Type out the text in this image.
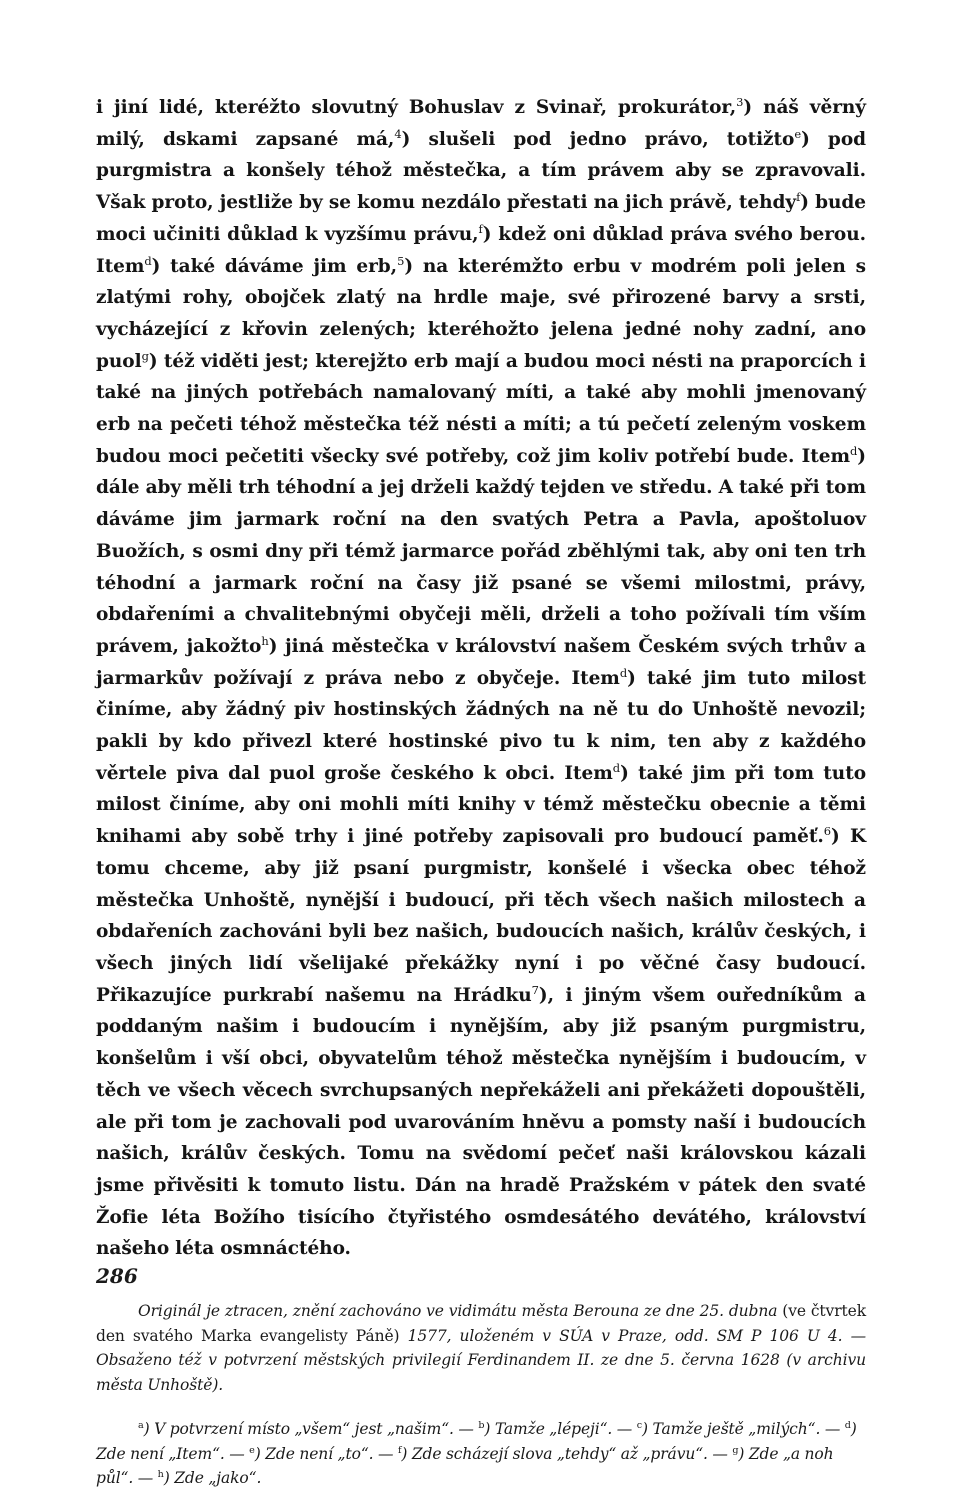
i jiní lidé, kteréžto slovutný Bohuslav z Svinař, prokurátor,$^3$) náš věrný milý, dskami zapsané má,$^4$) slušeli pod jedno právo, totižto$^e$) pod purgmistra a konšely téhož městečka, a tím právem aby se zpravovali. Však proto, jestliže by se komu nezdálo přestati na jich právě, tehdy$^f$) bude moci učiniti důklad k vyzšímu právu,$^f$) kdež oni důklad práva svého berou. Item$^d$) také dáváme jim erb,$^5$) na kterémžto erbu v modrém poli jelen s zlatými rohy, obojček zlatý na hrdle maje, své přirozené barvy a srsti, vycházející z křovin zelených; kteréhožto jelena jedné nohy zadní, ano puol$^g$) též viděti jest; kterejžto erb mají a budou moci nésti na praporcích i také na jiných potřebách namalovaný míti, a také aby mohli jmenovaný erb na pečeti téhož městečka též nésti a míti; a tú pečetí zeleným voskem budou moci pečetiti všecky své potřeby, což jim koliv potřebí bude. Item$^d$) dále aby měli trh téhodní a jej drželi každý tejden ve středu. A také při tom dáváme jim jarmark roční na den svatých Petra a Pavla, apoštoluov Buožích, s osmi dny při témž jarmarce pořád zběhlými tak, aby oni ten trh téhodní a jarmark roční na časy již psané se všemi milostmi, právy, obdařeními a chvalitebnými obyčeji měli, drželi a toho požívali tím vším právem, jakožto$^h$) jiná městečka v království našem Českém svých trhův a jarmarkův požívají z práva nebo z obyčeje. Item$^d$) také jim tuto milost činíme, aby žádný piv hostinských žádných na ně tu do Unhoště nevozil; pakli by kdo přivezl které hostinské pivo tu k nim, ten aby z každého věrtele piva dal puol groše českého k obci. Item$^d$) také jim při tom tuto milost činíme, aby oni mohli míti knihy v témž městečku obecnie a těmi knihami aby sobě trhy i jiné potřeby zapisovali pro budoucí paměť.$^6$) K tomu chceme, aby již psaní purgmistr, konšelé i všecka obec téhož městečka Unhoště, nynější i budoucí, při těch všech našich milostech a obdařeních zachováni byli bez našich, budoucích našich, králův českých, i všech jiných lidí všelijaké překážky nyní i po věčné časy budoucí. Přikazujíce purkrabí našemu na Hrádku$^7$), i jiným všem ouředníkům a poddaným našim i budoucím i nynějším, aby již psaným purgmistru, konšelům i vší obci, obyvatelům téhož městečka nynějším i budoucím, v těch ve všech věcech svrchupsaných nepřekáželi ani překážeti dopouštěli, ale při tom je zachovali pod uvarováním hněvu a pomsty naší i budoucích našich, králův českých. Tomu na svědomí pečeť naši královskou kázali jsme přivěsiti k tomuto listu. Dán na hradě Pražském v pátek den svaté Žofie léta Božího tisícího čtyřistého osmdesátého devátého, království našeho léta osmnáctého.

Originál je ztracen, znění zachováno ve vidimátu města Berouna ze dne 25. dubna (ve čtvrtek den svatého Marka evangelisty Páně) 1577, uloženém v SÚA v Praze, odd. SM P 106 U 4. — Obsaženo též v potvrzení městských privilegií Ferdinandem II. ze dne 5. června 1628 (v archivu města Unhoště).

$^a$) V potvrzení místo „všem“ jest „našim“. — $^b$) Tamže „lépeji“. — $^c$) Tamže ještě „milých“. — $^d$) Zde není „Item“. — $^e$) Zde není „to“. — $^f$) Zde scházejí slova „tehdy“ až „právu“. — $^g$) Zde „a noh půl“. — $^h$) Zde „jako“.

286
